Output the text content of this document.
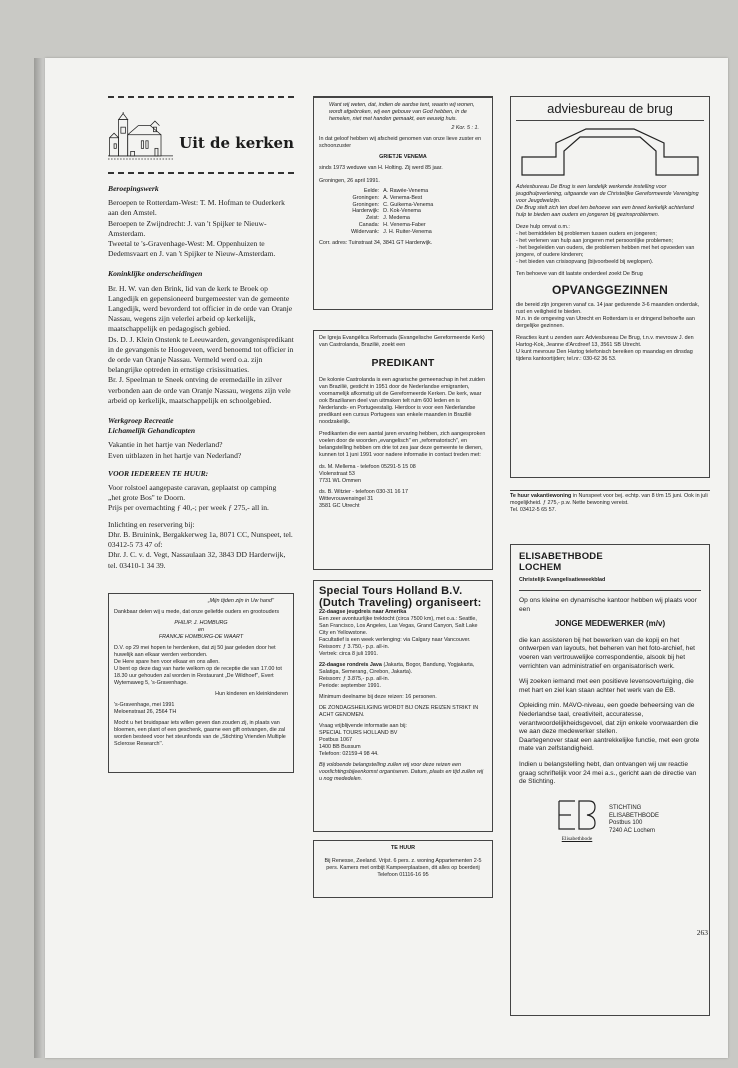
Uit de kerken
Beroepingswerk

Beroepen te Rotterdam-West: T. M. Hofman te Ouderkerk aan den Amstel.

Beroepen te Zwijndrecht: J. van 't Spijker te Nieuw-Amsterdam.

Tweetal te 's-Gravenhage-West: M. Oppenhuizen te Dedemsvaart en J. van 't Spijker te Nieuw-Amsterdam.

Koninklijke onderscheidingen

Br. H. W. van den Brink, lid van de kerk te Broek op Langedijk en gepensioneerd burgemeester van de gemeente Langedijk, werd bevorderd tot officier in de orde van Oranje Nassau, wegens zijn velerlei arbeid op kerkelijk, maatschappelijk en pedagogisch gebied.

Ds. D. J. Klein Onstenk te Leeuwarden, gevangenispredikant in de gevangenis te Hoogeveen, werd benoemd tot officier in de orde van Oranje Nassau. Vermeld werd o.a. zijn belangrijke optreden in ernstige crisissituaties.

Br. J. Speelman te Sneek ontving de eremedaille in zilver verbonden aan de orde van Oranje Nassau, wegens zijn vele arbeid op kerkelijk, maatschappelijk en schoolgebied.

Werkgroep Recreatie
Lichamelijk Gehandicapten

Vakantie in het hartje van Nederland?
Even uitblazen in het hartje van Nederland?

VOOR IEDEREEN TE HUUR:

Voor rolstoel aangepaste caravan, geplaatst op camping
„het grote Bos'' te Doorn.
Prijs per overnachting ƒ 40,-; per week ƒ 275,- all in.

Inlichting en reservering bij:
Dhr. B. Bruinink, Bergakkerweg 1a, 8071 CC, Nunspeet, tel. 03412-5 73 47 of:
Dhr. J. C. v. d. Vegt, Nassaulaan 32, 3843 DD Harderwijk, tel. 03410-1 34 39.

„Mijn tijden zijn in Uw hand''
Dankbaar delen wij u mede, dat onze geliefde ouders en grootouders
PHILIP. J. HOMBURG
en
FRANKJE HOMBURG-DE WAART
D.V. op 29 mei hopen te herdenken, dat zij 50 jaar geleden door het huwelijk aan elkaar werden verbonden.
De Here spare hen voor elkaar en ons allen.
U bent op deze dag van harte welkom op de receptie die van 17.00 tot 18.30 uur gehouden zal worden in Restaurant „De Wildhoef'', Evert Wytemaweg 5, 's-Gravenhage.
Hun kinderen en kleinkinderen
's-Gravenhage, mei 1991
Meloenstraat 26, 2564 TH
Mocht u het bruidspaar iets willen geven dan zouden zij, in plaats van bloemen, een plant of een geschenk, gaarne een gift ontvangen, die zal worden besteed voor het steunfonds van de „Stichting Vrienden Multiple Sclerose Research''.
Want wij weten, dat, indien de aardse tent, waarin wij wonen, wordt afgebroken, wij een gebouw van God hebben, in de hemelen, niet met handen gemaakt, een eeuwig huis.
2 Kor. 5 : 1.
In dat geloof hebben wij afscheid genomen van onze lieve zuster en schoonzuster
GRIETJE VENEMA
sinds 1973 weduwe van H. Holting. Zij werd 85 jaar.
Groningen, 26 april 1991.
Eelde:	A. Rawée-Venema
Groningen:	A. Venema-Best
Groningen:	C. Guikema-Venema
Harderwijk:	D. Kok-Venema
Zeist:	J. Medema
Canada:	H. Venema-Faber
Wildervank:	J. H. Ruiter-Venema
Corr. adres: Tuinstraat 34, 3841 GT Harderwijk.
De Igreja Evangélica Reformada (Evangelische Gereformeerde Kerk) van Castrolanda, Brazilië, zoekt een
PREDIKANT
De kolonie Castrolanda is een agrarische gemeenschap in het zuiden van Brazilië, gesticht in 1951 door de Nederlandse emigranten, voornamelijk afkomstig uit de Gereformeerde Kerken. De kerk, waar ook Brazilianen deel van uitmaken telt ruim 600 leden en is Nederlands- en Portugeestalig. Hierdoor is voor een Nederlandse predikant een cursus Portugees van enkele maanden in Brazilië noodzakelijk.
Predikanten die een aantal jaren ervaring hebben, zich aangesproken voelen door de woorden „evangelisch'' en „reformatorisch'', en belangstelling hebben om drie tot zes jaar deze gemeente te dienen, kunnen tot 1 juni 1991 voor nadere informatie in contact treden met:
ds. M. Mellema - telefoon 05291-5 15 08
Violenstraat 53
7731 WL Ommen
ds. B. Witzier - telefoon 030-31 16 17
Wittevrouwensingel 31
3581 GC Utrecht
Special Tours Holland B.V. (Dutch Traveling) organiseert:
22-daagse jeugdreis naar Amerika
Een zeer avontuurlijke trektocht (circa 7500 km), met o.a.: Seattle, San Francisco, Los Angeles, Las Vegas, Grand Canyon, Salt Lake City en Yellowstone.
Facultatief is een week verlenging: via Calgary naar Vancouver.
Reissom: ƒ 3.750,- p.p. all-in.
Vertrek: circa 8 juli 1991.
22-daagse rondreis Java (Jakarta, Bogor, Bandung, Yogjakarta, Salatiga, Semerang, Cirebon, Jakarta).
Reissom: ƒ 3.875,- p.p. all-in.
Periode: september 1991.
Minimum deelname bij deze reizen: 16 personen.
DE ZONDAGSHEILIGING WORDT BIJ ONZE REIZEN STRIKT IN ACHT GENOMEN.
Vraag vrijblijvende informatie aan bij:
SPECIAL TOURS HOLLAND BV
Postbus 1067
1400 BB Bussum
Telefoon: 02159-4 98 44.
Bij voldoende belangstelling zullen wij voor deze reizen een voorlichtingsbijeenkomst organiseren. Datum, plaats en tijd zullen wij u nog mededelen.
TE HUUR
Bij Renesse, Zeeland. Vrijst. 6 pers. z. woning Appartementen 2-5 pers. Kamers met ontbijt Kampeerplaatsen, dit alles op boerderij Telefoon 01116-16 95
adviesbureau de brug
Adviesbureau De Brug is een landelijk werkende instelling voor jeugdhulpverlening, uitgaande van de Christelijke Gereformeerde Vereniging voor Jeugdwelzijn.
De Brug stelt zich ten doel ten behoeve van een breed kerkelijk achterland hulp te bieden aan ouders en jongeren bij gezinsproblemen.
Deze hulp omvat o.m.:
- het bemiddelen bij problemen tussen ouders en jongeren;
- het verlenen van hulp aan jongeren met persoonlijke problemen;
- het begeleiden van ouders, die problemen hebben met het opvoeden van jongere, of oudere kinderen;
- het bieden van crisisopvang (bijvoorbeeld bij weglopen).
Ten behoeve van dit laatste onderdeel zoekt De Brug
OPVANGGEZINNEN
die bereid zijn jongeren vanaf ca. 14 jaar gedurende 3-6 maanden onderdak, rust en veiligheid te bieden.
M.n. in de omgeving van Utrecht en Rotterdam is er dringend behoefte aan dergelijke gezinnen.
Reacties kunt u zenden aan: Adviesbureau De Brug, t.n.v. mevrouw J. den Hartog-Kok, Jeanne d'Arcdreef 13, 3561 SB Utrecht.
U kunt mevrouw Den Hartog telefonisch bereiken op maandag en dinsdag tijdens kantoortijden; tel.nr.: 030-62 36 53.
Te huur vakantiewoning in Nunspeet voor bej. echtp. van 8 t/m 15 juni. Ook in juli mogelijkheid. ƒ 275,- p.w. Nette bewoning vereist.
Tel. 03412-5 65 57.
ELISABETHBODE
LOCHEM
Christelijk Evangelisatieweekblad
Op ons kleine en dynamische kantoor hebben wij plaats voor een
JONGE MEDEWERKER (m/v)
die kan assisteren bij het bewerken van de kopij en het ontwerpen van layouts, het beheren van het foto-archief, het voeren van vertrouwelijke correspondentie, alsook bij het verrichten van administratief en organisatorisch werk.
Wij zoeken iemand met een positieve levensovertuiging, die met hart en ziel kan staan achter het werk van de EB.
Opleiding min. MAVO-niveau, een goede beheersing van de Nederlandse taal, creativiteit, accuratesse, verantwoordelijkheidsgevoel, dat zijn enkele voorwaarden die we aan deze medewerker stellen.
Daartegenover staat een aantrekkelijke functie, met een grote mate van zelfstandigheid.
Indien u belangstelling hebt, dan ontvangen wij uw reactie graag schriftelijk voor 24 mei a.s., gericht aan de directie van de Stichting.
Elisabethbode
STICHTING
ELISABETHBODE
Postbus 100
7240 AC Lochem
263
